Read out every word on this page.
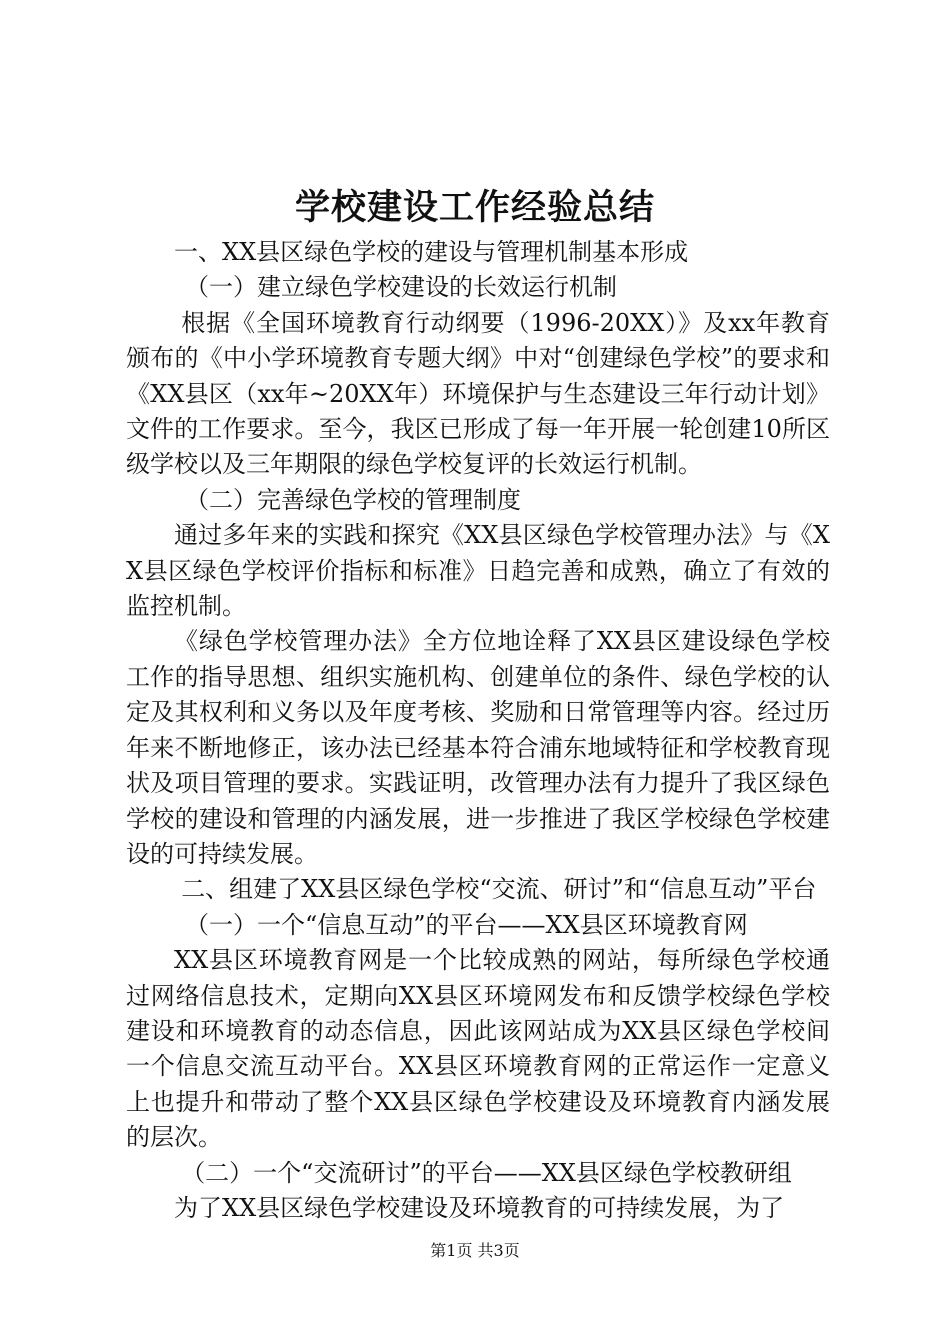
学校建设工作经验总结

一、XX县区绿色学校的建设与管理机制基本形成

（一）建立绿色学校建设的长效运行机制

根据《全国环境教育行动纲要（1996-20XX）》及xx年教育颁布的《中小学环境教育专题大纲》中对“创建绿色学校”的要求和《XX县区（xx年~20XX年）环境保护与生态建设三年行动计划》文件的工作要求。至今，我区已形成了每一年开展一轮创建10所区级学校以及三年期限的绿色学校复评的长效运行机制。

（二）完善绿色学校的管理制度

通过多年来的实践和探究《XX县区绿色学校管理办法》与《XX县区绿色学校评价指标和标准》日趋完善和成熟，确立了有效的监控机制。

《绿色学校管理办法》全方位地诠释了XX县区建设绿色学校工作的指导思想、组织实施机构、创建单位的条件、绿色学校的认定及其权利和义务以及年度考核、奖励和日常管理等内容。经过历年来不断地修正，该办法已经基本符合浦东地域特征和学校教育现状及项目管理的要求。实践证明，改管理办法有力提升了我区绿色学校的建设和管理的内涵发展，进一步推进了我区学校绿色学校建设的可持续发展。

二、组建了XX县区绿色学校“交流、研讨”和“信息互动”平台

（一）一个“信息互动”的平台——XX县区环境教育网

XX县区环境教育网是一个比较成熟的网站，每所绿色学校通过网络信息技术，定期向XX县区环境网发布和反馈学校绿色学校建设和环境教育的动态信息，因此该网站成为XX县区绿色学校间一个信息交流互动平台。XX县区环境教育网的正常运作一定意义上也提升和带动了整个XX县区绿色学校建设及环境教育内涵发展的层次。

（二）一个“交流研讨”的平台——XX县区绿色学校教研组

为了XX县区绿色学校建设及环境教育的可持续发展，为了

第1页 共3页
